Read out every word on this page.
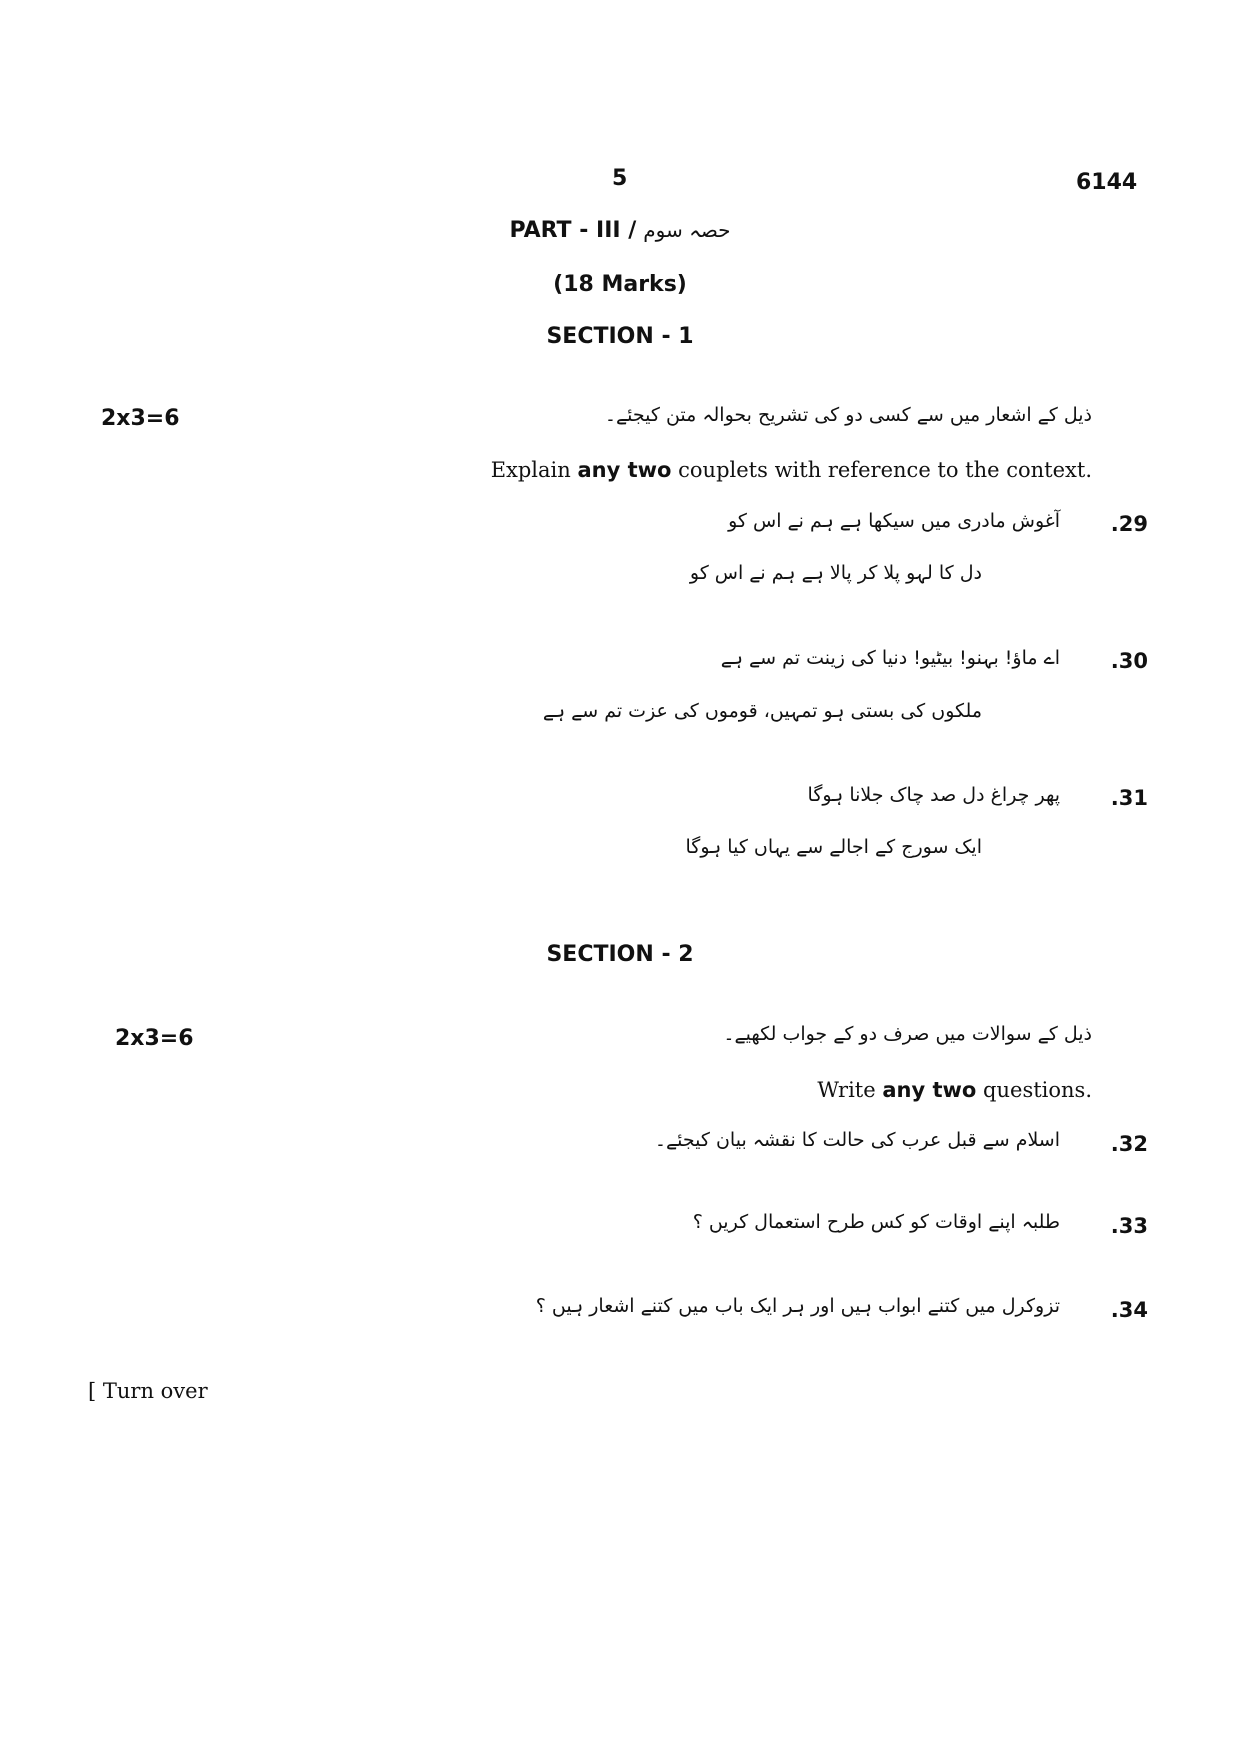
5	6144
PART - III / حصہ سوم
(18 Marks)
SECTION - 1
2x3=6	ذیل کے اشعار میں سے کسی دو کی تشریح بحوالہ متن کیجئے۔
Explain any two couplets with reference to the context.
.29
آغوش مادری میں سیکھا ہے ہم نے اس کو
دل کا لہو پلا کر پالا ہے ہم نے اس کو
.30
اے ماؤ! بہنو! بیٹیو! دنیا کی زینت تم سے ہے
ملکوں کی بستی ہو تمہیں، قوموں کی عزت تم سے ہے
.31
پھر چراغ دل صد چاک جلانا ہوگا
ایک سورج کے اجالے سے یہاں کیا ہوگا
SECTION - 2
2x3=6	ذیل کے سوالات میں صرف دو کے جواب لکھیے۔
Write any two questions.
.32
اسلام سے قبل عرب کی حالت کا نقشہ بیان کیجئے۔
.33
طلبہ اپنے اوقات کو کس طرح استعمال کریں ؟
.34
تزوکرل میں کتنے ابواب ہیں اور ہر ایک باب میں کتنے اشعار ہیں ؟
[ Turn over
